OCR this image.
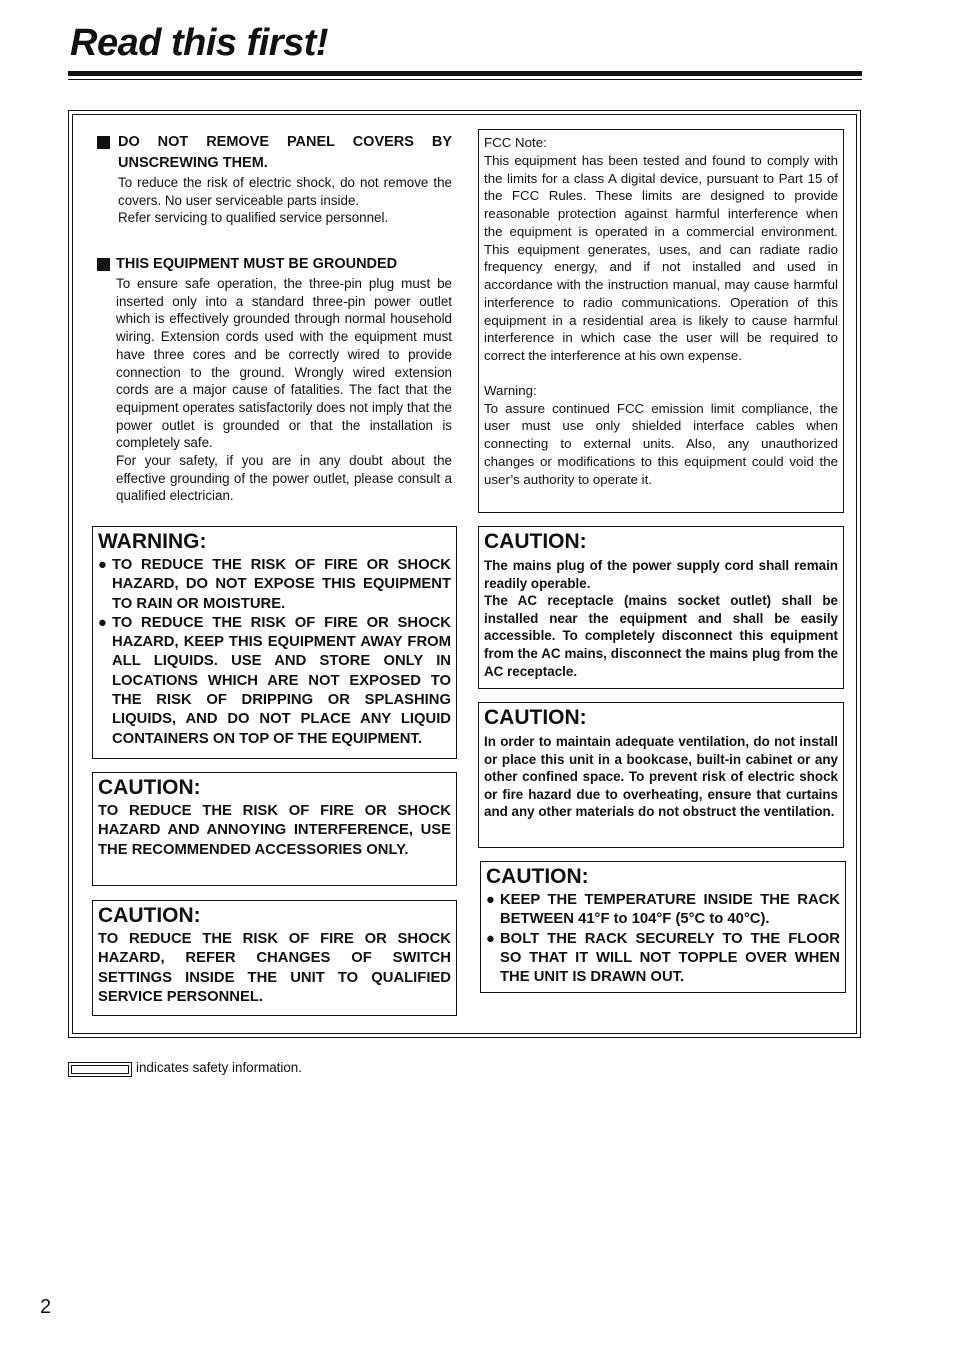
Read this first!
DO NOT REMOVE PANEL COVERS BY UNSCREWING THEM.

To reduce the risk of electric shock, do not remove the covers. No user serviceable parts inside.

Refer servicing to qualified service personnel.

THIS EQUIPMENT MUST BE GROUNDED

To ensure safe operation, the three-pin plug must be inserted only into a standard three-pin power outlet which is effectively grounded through normal household wiring. Extension cords used with the equipment must have three cores and be correctly wired to provide connection to the ground. Wrongly wired extension cords are a major cause of fatalities. The fact that the equipment operates satisfactorily does not imply that the power outlet is grounded or that the installation is completely safe.

For your safety, if you are in any doubt about the effective grounding of the power outlet, please consult a qualified electrician.

WARNING:
● TO REDUCE THE RISK OF FIRE OR SHOCK HAZARD, DO NOT EXPOSE THIS EQUIPMENT TO RAIN OR MOISTURE.
● TO REDUCE THE RISK OF FIRE OR SHOCK HAZARD, KEEP THIS EQUIPMENT AWAY FROM ALL LIQUIDS. USE AND STORE ONLY IN LOCATIONS WHICH ARE NOT EXPOSED TO THE RISK OF DRIPPING OR SPLASHING LIQUIDS, AND DO NOT PLACE ANY LIQUID CONTAINERS ON TOP OF THE EQUIPMENT.
CAUTION:
TO REDUCE THE RISK OF FIRE OR SHOCK HAZARD AND ANNOYING INTERFERENCE, USE THE RECOMMENDED ACCESSORIES ONLY.
CAUTION:
TO REDUCE THE RISK OF FIRE OR SHOCK HAZARD, REFER CHANGES OF SWITCH SETTINGS INSIDE THE UNIT TO QUALIFIED SERVICE PERSONNEL.
FCC Note:
This equipment has been tested and found to comply with the limits for a class A digital device, pursuant to Part 15 of the FCC Rules. These limits are designed to provide reasonable protection against harmful interference when the equipment is operated in a commercial environment. This equipment generates, uses, and can radiate radio frequency energy, and if not installed and used in accordance with the instruction manual, may cause harmful interference to radio communications. Operation of this equipment in a residential area is likely to cause harmful interference in which case the user will be required to correct the interference at his own expense.
Warning:
To assure continued FCC emission limit compliance, the user must use only shielded interface cables when connecting to external units. Also, any unauthorized changes or modifications to this equipment could void the user’s authority to operate it.
CAUTION:
The mains plug of the power supply cord shall remain readily operable.
The AC receptacle (mains socket outlet) shall be installed near the equipment and shall be easily accessible. To completely disconnect this equipment from the AC mains, disconnect the mains plug from the AC receptacle.
CAUTION:
In order to maintain adequate ventilation, do not install or place this unit in a bookcase, built-in cabinet or any other confined space. To prevent risk of electric shock or fire hazard due to overheating, ensure that curtains and any other materials do not obstruct the ventilation.
CAUTION:
● KEEP THE TEMPERATURE INSIDE THE RACK BETWEEN 41°F to 104°F (5°C to 40°C).
● BOLT THE RACK SECURELY TO THE FLOOR SO THAT IT WILL NOT TOPPLE OVER WHEN THE UNIT IS DRAWN OUT.
indicates safety information.
2
